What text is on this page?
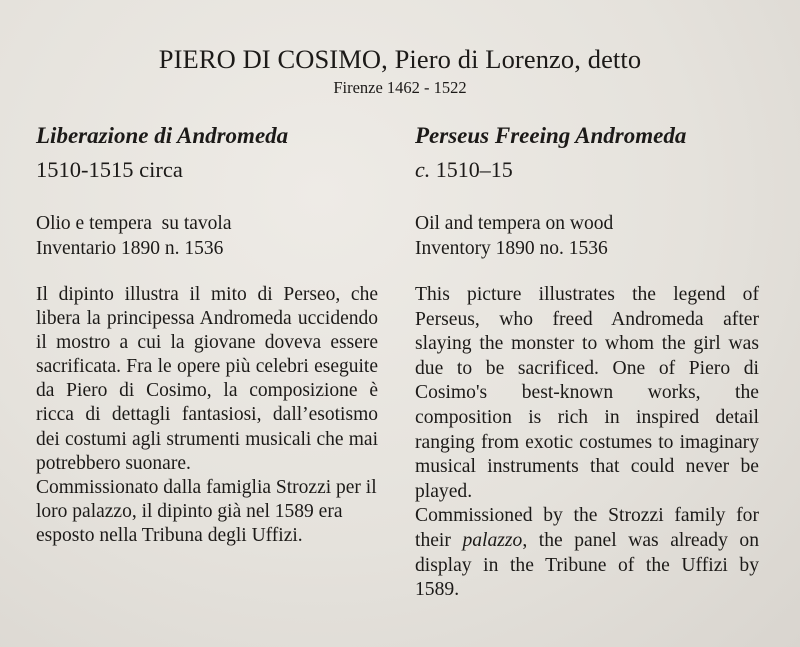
PIERO DI COSIMO, Piero di Lorenzo, detto
Firenze 1462 - 1522
Liberazione di Andromeda
1510-1515 circa
Olio e tempera  su tavola
Inventario 1890 n. 1536

Il dipinto illustra il mito di Perseo, che libera la principessa Andromeda uccidendo il mostro a cui la giovane doveva essere sacrificata. Fra le opere più celebri eseguite da Piero di Cosimo, la composizione è ricca di dettagli fantasiosi, dall’esotismo dei costumi agli strumenti musicali che mai potrebbero suonare.

Commissionato dalla famiglia Strozzi per il loro palazzo, il dipinto già nel 1589 era esposto nella Tribuna degli Uffizi.

Perseus Freeing Andromeda
c. 1510–15
Oil and tempera on wood
Inventory 1890 no. 1536

This picture illustrates the legend of Perseus, who freed Andromeda after slaying the monster to whom the girl was due to be sacrificed. One of Piero di Cosimo's best-known works, the composition is rich in inspired detail ranging from exotic costumes to imaginary musical instruments that could never be played.

Commissioned by the Strozzi family for their palazzo, the panel was already on display in the Tribune of the Uffizi by 1589.
